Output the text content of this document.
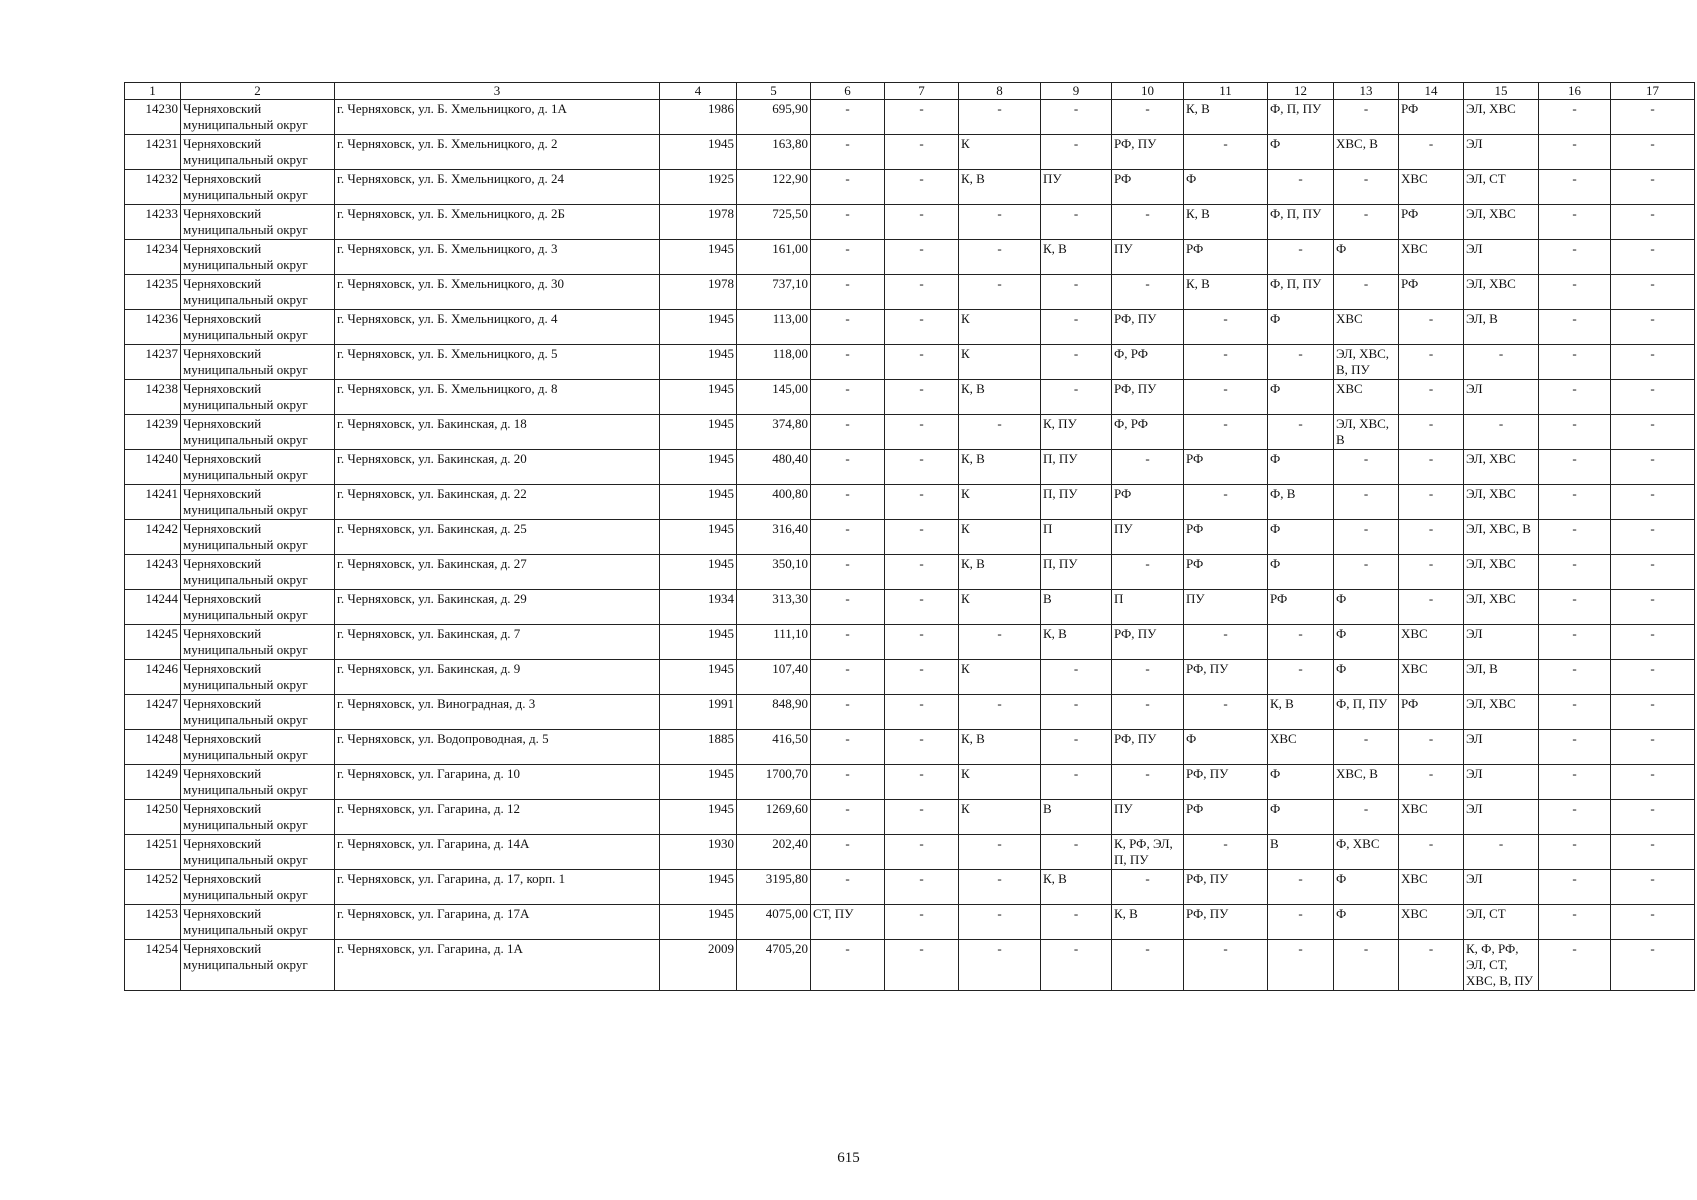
1	2	3	4	5	6	7	8	9	10	11	12	13	14	15	16	17
14230	Черняховский муниципальный округ	г. Черняховск, ул. Б. Хмельницкого, д. 1А	1986	695,90	-	-	-	-	-	К, В	Ф, П, ПУ	-	РФ	ЭЛ, ХВС	-	-
14231	Черняховский муниципальный округ	г. Черняховск, ул. Б. Хмельницкого, д. 2	1945	163,80	-	-	К	-	РФ, ПУ	-	Ф	ХВС, В	-	ЭЛ	-	-
14232	Черняховский муниципальный округ	г. Черняховск, ул. Б. Хмельницкого, д. 24	1925	122,90	-	-	К, В	ПУ	РФ	Ф	-	-	ХВС	ЭЛ, СТ	-	-
14233	Черняховский муниципальный округ	г. Черняховск, ул. Б. Хмельницкого, д. 2Б	1978	725,50	-	-	-	-	-	К, В	Ф, П, ПУ	-	РФ	ЭЛ, ХВС	-	-
14234	Черняховский муниципальный округ	г. Черняховск, ул. Б. Хмельницкого, д. 3	1945	161,00	-	-	-	К, В	ПУ	РФ	-	Ф	ХВС	ЭЛ	-	-
14235	Черняховский муниципальный округ	г. Черняховск, ул. Б. Хмельницкого, д. 30	1978	737,10	-	-	-	-	-	К, В	Ф, П, ПУ	-	РФ	ЭЛ, ХВС	-	-
14236	Черняховский муниципальный округ	г. Черняховск, ул. Б. Хмельницкого, д. 4	1945	113,00	-	-	К	-	РФ, ПУ	-	Ф	ХВС	-	ЭЛ, В	-	-
14237	Черняховский муниципальный округ	г. Черняховск, ул. Б. Хмельницкого, д. 5	1945	118,00	-	-	К	-	Ф, РФ	-	-	ЭЛ, ХВС, В, ПУ	-	-	-	-
14238	Черняховский муниципальный округ	г. Черняховск, ул. Б. Хмельницкого, д. 8	1945	145,00	-	-	К, В	-	РФ, ПУ	-	Ф	ХВС	-	ЭЛ	-	-
14239	Черняховский муниципальный округ	г. Черняховск, ул. Бакинская, д. 18	1945	374,80	-	-	-	К, ПУ	Ф, РФ	-	-	ЭЛ, ХВС, В	-	-	-	-
14240	Черняховский муниципальный округ	г. Черняховск, ул. Бакинская, д. 20	1945	480,40	-	-	К, В	П, ПУ	-	РФ	Ф	-	-	ЭЛ, ХВС	-	-
14241	Черняховский муниципальный округ	г. Черняховск, ул. Бакинская, д. 22	1945	400,80	-	-	К	П, ПУ	РФ	-	Ф, В	-	-	ЭЛ, ХВС	-	-
14242	Черняховский муниципальный округ	г. Черняховск, ул. Бакинская, д. 25	1945	316,40	-	-	К	П	ПУ	РФ	Ф	-	-	ЭЛ, ХВС, В	-	-
14243	Черняховский муниципальный округ	г. Черняховск, ул. Бакинская, д. 27	1945	350,10	-	-	К, В	П, ПУ	-	РФ	Ф	-	-	ЭЛ, ХВС	-	-
14244	Черняховский муниципальный округ	г. Черняховск, ул. Бакинская, д. 29	1934	313,30	-	-	К	В	П	ПУ	РФ	Ф	-	ЭЛ, ХВС	-	-
14245	Черняховский муниципальный округ	г. Черняховск, ул. Бакинская, д. 7	1945	111,10	-	-	-	К, В	РФ, ПУ	-	-	Ф	ХВС	ЭЛ	-	-
14246	Черняховский муниципальный округ	г. Черняховск, ул. Бакинская, д. 9	1945	107,40	-	-	К	-	-	РФ, ПУ	-	Ф	ХВС	ЭЛ, В	-	-
14247	Черняховский муниципальный округ	г. Черняховск, ул. Виноградная, д. 3	1991	848,90	-	-	-	-	-	-	К, В	Ф, П, ПУ	РФ	ЭЛ, ХВС	-	-
14248	Черняховский муниципальный округ	г. Черняховск, ул. Водопроводная, д. 5	1885	416,50	-	-	К, В	-	РФ, ПУ	Ф	ХВС	-	-	ЭЛ	-	-
14249	Черняховский муниципальный округ	г. Черняховск, ул. Гагарина, д. 10	1945	1700,70	-	-	К	-	-	РФ, ПУ	Ф	ХВС, В	-	ЭЛ	-	-
14250	Черняховский муниципальный округ	г. Черняховск, ул. Гагарина, д. 12	1945	1269,60	-	-	К	В	ПУ	РФ	Ф	-	ХВС	ЭЛ	-	-
14251	Черняховский муниципальный округ	г. Черняховск, ул. Гагарина, д. 14А	1930	202,40	-	-	-	-	К, РФ, ЭЛ, П, ПУ	-	В	Ф, ХВС	-	-	-	-
14252	Черняховский муниципальный округ	г. Черняховск, ул. Гагарина, д. 17, корп. 1	1945	3195,80	-	-	-	К, В	-	РФ, ПУ	-	Ф	ХВС	ЭЛ	-	-
14253	Черняховский муниципальный округ	г. Черняховск, ул. Гагарина, д. 17А	1945	4075,00	СТ, ПУ	-	-	-	К, В	РФ, ПУ	-	Ф	ХВС	ЭЛ, СТ	-	-
14254	Черняховский муниципальный округ	г. Черняховск, ул. Гагарина, д. 1А	2009	4705,20	-	-	-	-	-	-	-	-	-	К, Ф, РФ, ЭЛ, СТ, ХВС, В, ПУ	-	-
615
